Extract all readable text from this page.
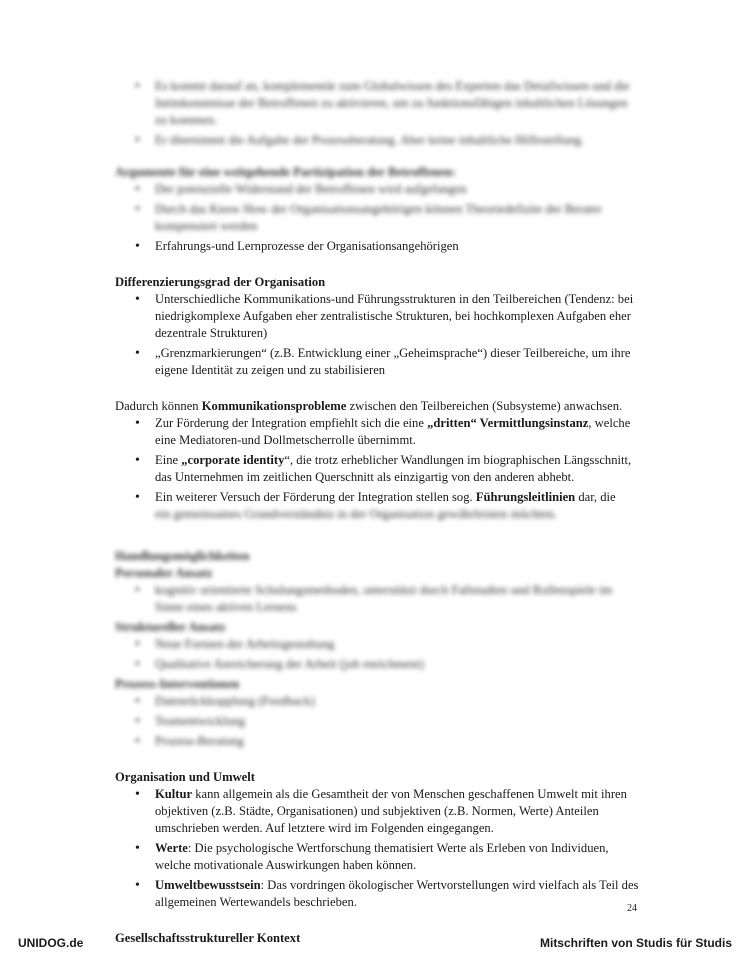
• Es kommt darauf an, komplementär zum Globalwissen des Experten das Detailwissen und die Intimkenntnisse der Betroffenen zu aktivieren, um zu funktionsfähigen inhaltlichen Lösungen zu kommen.
• Er übernimmt die Aufgabe der Prozessberatung. Aber keine inhaltliche Hilfestellung.

Argumente für eine weitgehende Partizipation der Betroffenen:

• Der potenzielle Widerstand der Betroffenen wird aufgefangen
• Durch das Know How der Organisationsangehörigen können Theoriedefizite der Berater kompensiert werden
• Erfahrungs-und Lernprozesse der Organisationsangehörigen

Differenzierungsgrad der Organisation

• Unterschiedliche Kommunikations-und Führungsstrukturen in den Teilbereichen (Tendenz: bei niedrigkomplexe Aufgaben eher zentralistische Strukturen, bei hochkomplexen Aufgaben eher dezentrale Strukturen)
• „Grenzmarkierungen“ (z.B. Entwicklung einer „Geheimsprache“) dieser Teilbereiche, um ihre eigene Identität zu zeigen und zu stabilisieren

Dadurch können Kommunikationsprobleme zwischen den Teilbereichen (Subsysteme) anwachsen.

• Zur Förderung der Integration empfiehlt sich die eine „dritten“ Vermittlungsinstanz, welche eine Mediatoren-und Dollmetscherrolle übernimmt.
• Eine „corporate identity“, die trotz erheblicher Wandlungen im biographischen Längsschnitt, das Unternehmen im zeitlichen Querschnitt als einzigartig von den anderen abhebt.
• Ein weiterer Versuch der Förderung der Integration stellen sog. Führungsleitlinien dar, die
ein gemeinsames Grundverständnis in der Organisation gewährleisten möchten.

Handlungsmöglichkeiten

Personaler Ansatz

• kognitiv orientierte Schulungsmethoden, unterstützt durch Fallstudien und Rollenspiele im Sinne eines aktiven Lernens

Struktureller Ansatz

• Neue Formen der Arbeitsgestaltung
• Qualitative Anreicherung der Arbeit (job enrichment)

Prozess-Interventionen

• Datenrückkopplung (Feedback)
• Teamentwicklung
• Prozess-Beratung

Organisation und Umwelt

• Kultur kann allgemein als die Gesamtheit der von Menschen geschaffenen Umwelt mit ihren objektiven (z.B. Städte, Organisationen) und subjektiven (z.B. Normen, Werte) Anteilen umschrieben werden. Auf letztere wird im Folgenden eingegangen.
• Werte: Die psychologische Wertforschung thematisiert Werte als Erleben von Individuen, welche motivationale Auswirkungen haben können.
• Umweltbewusstsein: Das vordringen ökologischer Wertvorstellungen wird vielfach als Teil des allgemeinen Wertewandels beschrieben.

Gesellschaftsstruktureller Kontext

24
UNIDOG.de	Mitschriften von Studis für Studis
